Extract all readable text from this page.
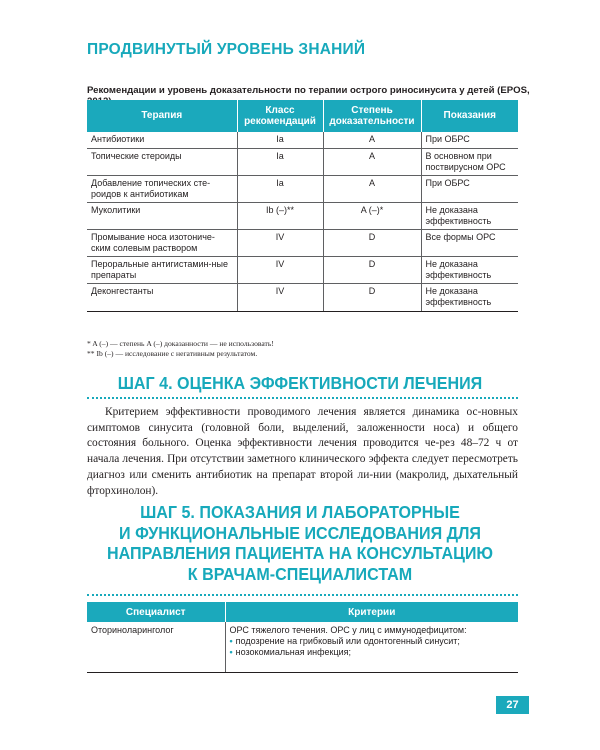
ПРОДВИНУТЫЙ УРОВЕНЬ ЗНАНИЙ
Рекомендации и уровень доказательности по терапии острого риносинусита у детей (EPOS,
Терапия	Класс рекомендаций	Степень доказательности	Показания
Антибиотики	Ia	A	При ОБРС
Топические стероиды	Ia	A	В основном при поствирусном ОРС
Добавление топических сте-роидов к антибиотикам	Ia	A	При ОБРС
Муколитики	Ib (–)**	A (–)*	Не доказана эффективность
Промывание носа изотониче-ским солевым раствором	IV	D	Все формы ОРС
Пероральные антигистамин-ные препараты	IV	D	Не доказана эффективность
Деконгестанты	IV	D	Не доказана эффективность
* A (–) — степень A (–) доказанности — не использовать!
** Ib (–) — исследование с негативным результатом.
ШАГ 4. ОЦЕНКА ЭФФЕКТИВНОСТИ ЛЕЧЕНИЯ

Критерием эффективности проводимого лечения является динамика ос-новных симптомов синусита (головной боли, выделений, заложенности носа) и общего состояния больного. Оценка эффективности лечения проводится че-рез 48–72 ч от начала лечения. При отсутствии заметного клинического эффекта следует пересмотреть диагноз или сменить антибиотик на препарат второй ли-нии (макролид, дыхательный фторхинолон).

ШАГ 5. ПОКАЗАНИЯ И ЛАБОРАТОРНЫЕ
И ФУНКЦИОНАЛЬНЫЕ ИССЛЕДОВАНИЯ ДЛЯ
НАПРАВЛЕНИЯ ПАЦИЕНТА НА КОНСУЛЬТАЦИЮ
К ВРАЧАМ-СПЕЦИАЛИСТАМ
Специалист	Критерии
Оториноларинголог	ОРС тяжелого течения. ОРС у лиц с иммунодефицитом:
• подозрение на грибковый или одонтогенный синусит;
• нозокомиальная инфекция;
27
